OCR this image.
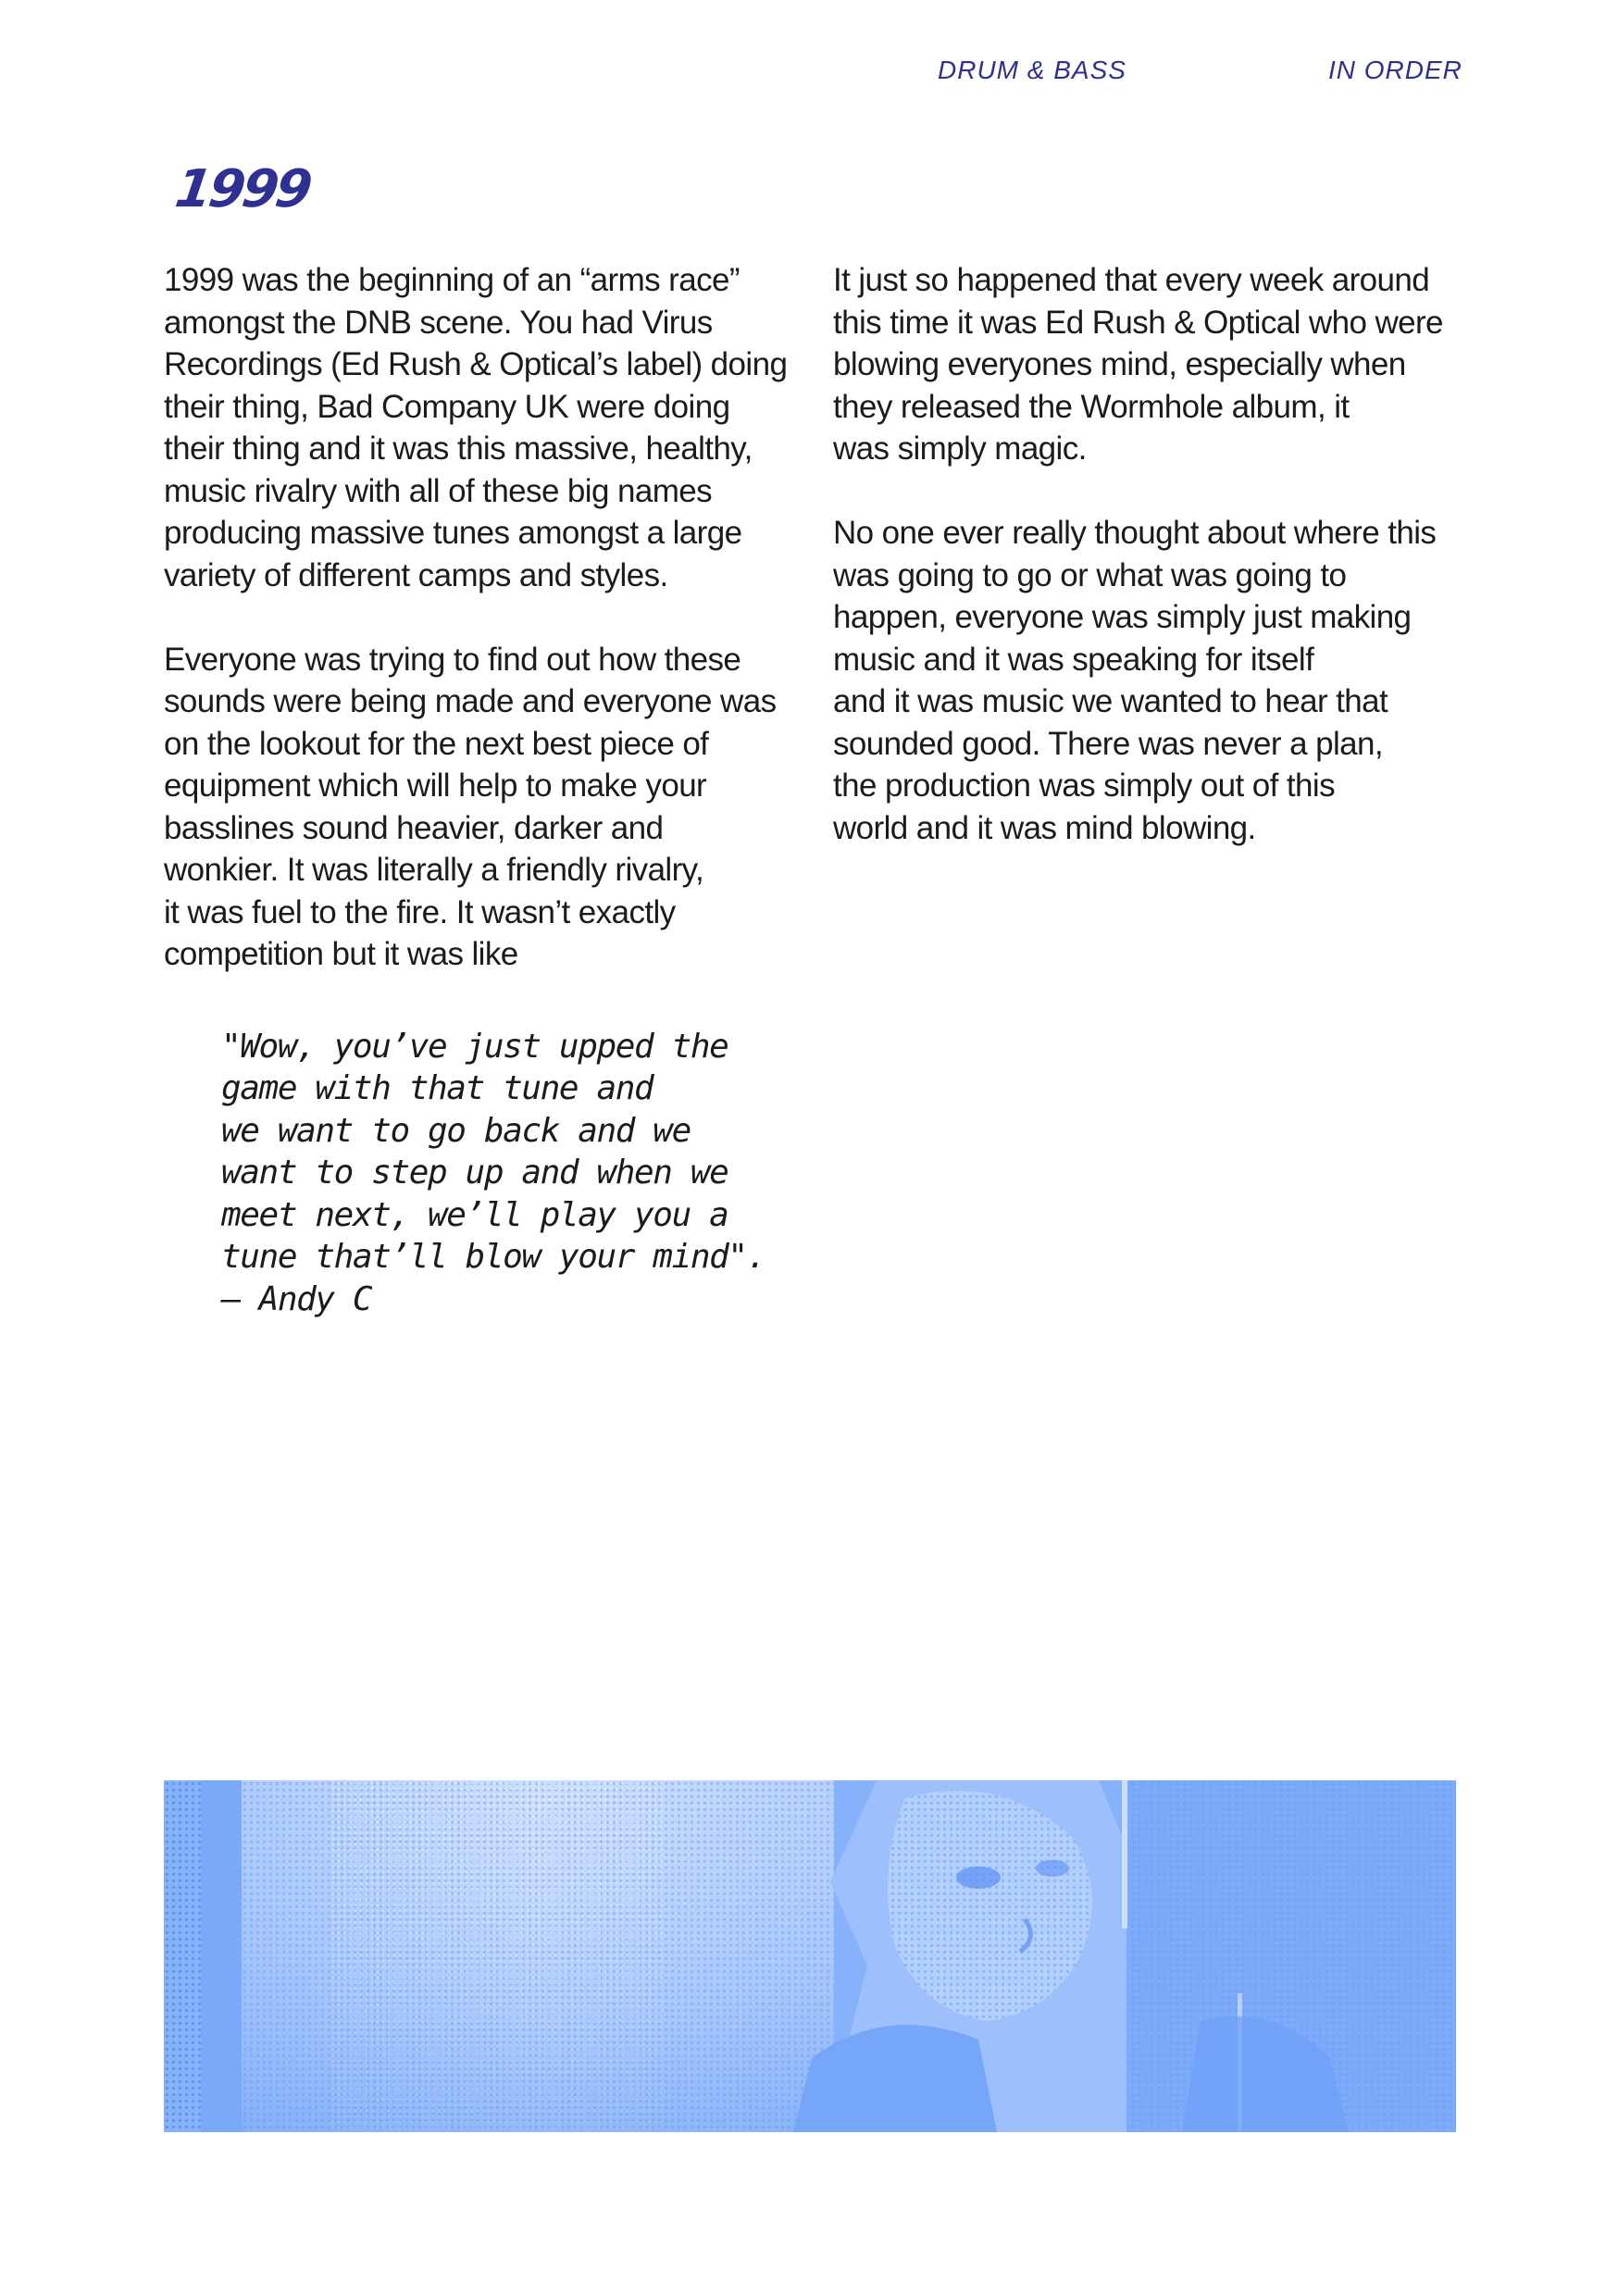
DRUM & BASS	IN ORDER
1999

1999 was the beginning of an “arms race”
amongst the DNB scene. You had Virus
Recordings (Ed Rush & Optical’s label) doing
their thing, Bad Company UK were doing
their thing and it was this massive, healthy,
music rivalry with all of these big names
producing massive tunes amongst a large
variety of different camps and styles.

Everyone was trying to find out how these
sounds were being made and everyone was
on the lookout for the next best piece of
equipment which will help to make your
basslines sound heavier, darker and
wonkier. It was literally a friendly rivalry,
it was fuel to the fire. It wasn’t exactly
competition but it was like

"Wow, you’ve just upped the
game with that tune and
we want to go back and we
want to step up and when we
meet next, we’ll play you a
tune that’ll blow your mind".
— Andy C

It just so happened that every week around
this time it was Ed Rush & Optical who were
blowing everyones mind, especially when
they released the Wormhole album, it
was simply magic.

No one ever really thought about where this
was going to go or what was going to
happen, everyone was simply just making
music and it was speaking for itself
and it was music we wanted to hear that
sounded good. There was never a plan,
the production was simply out of this
world and it was mind blowing.
